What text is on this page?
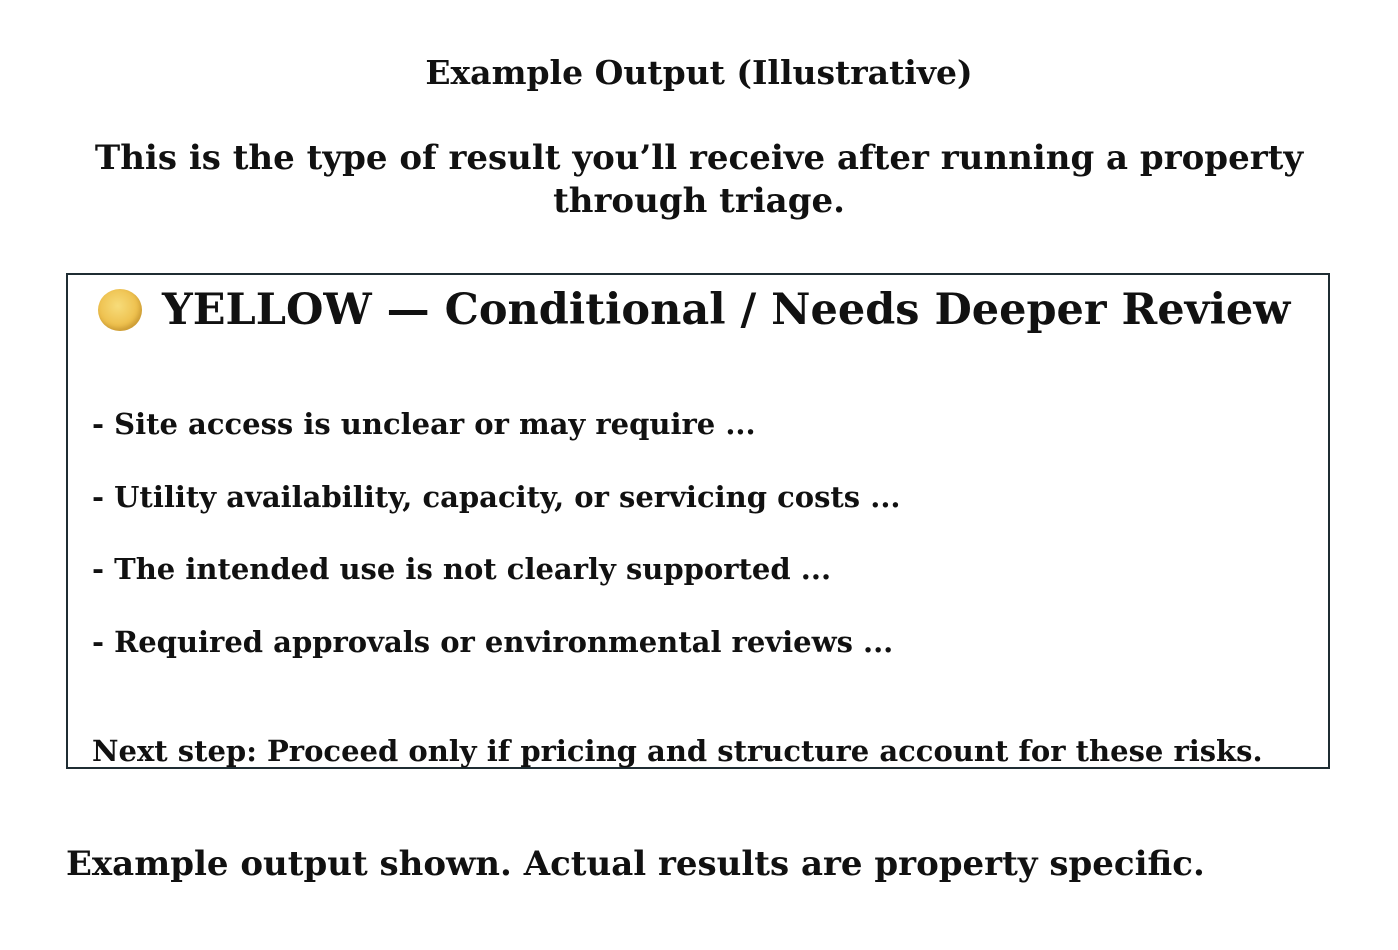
Example Output (Illustrative)

This is the type of result you’ll receive after running a property through triage.

YELLOW — Conditional / Needs Deeper Review
- Site access is unclear or may require ...
- Utility availability, capacity, or servicing costs ...
- The intended use is not clearly supported ...
- Required approvals or environmental reviews ...
Next step: Proceed only if pricing and structure account for these risks.
Example output shown. Actual results are property specific.
